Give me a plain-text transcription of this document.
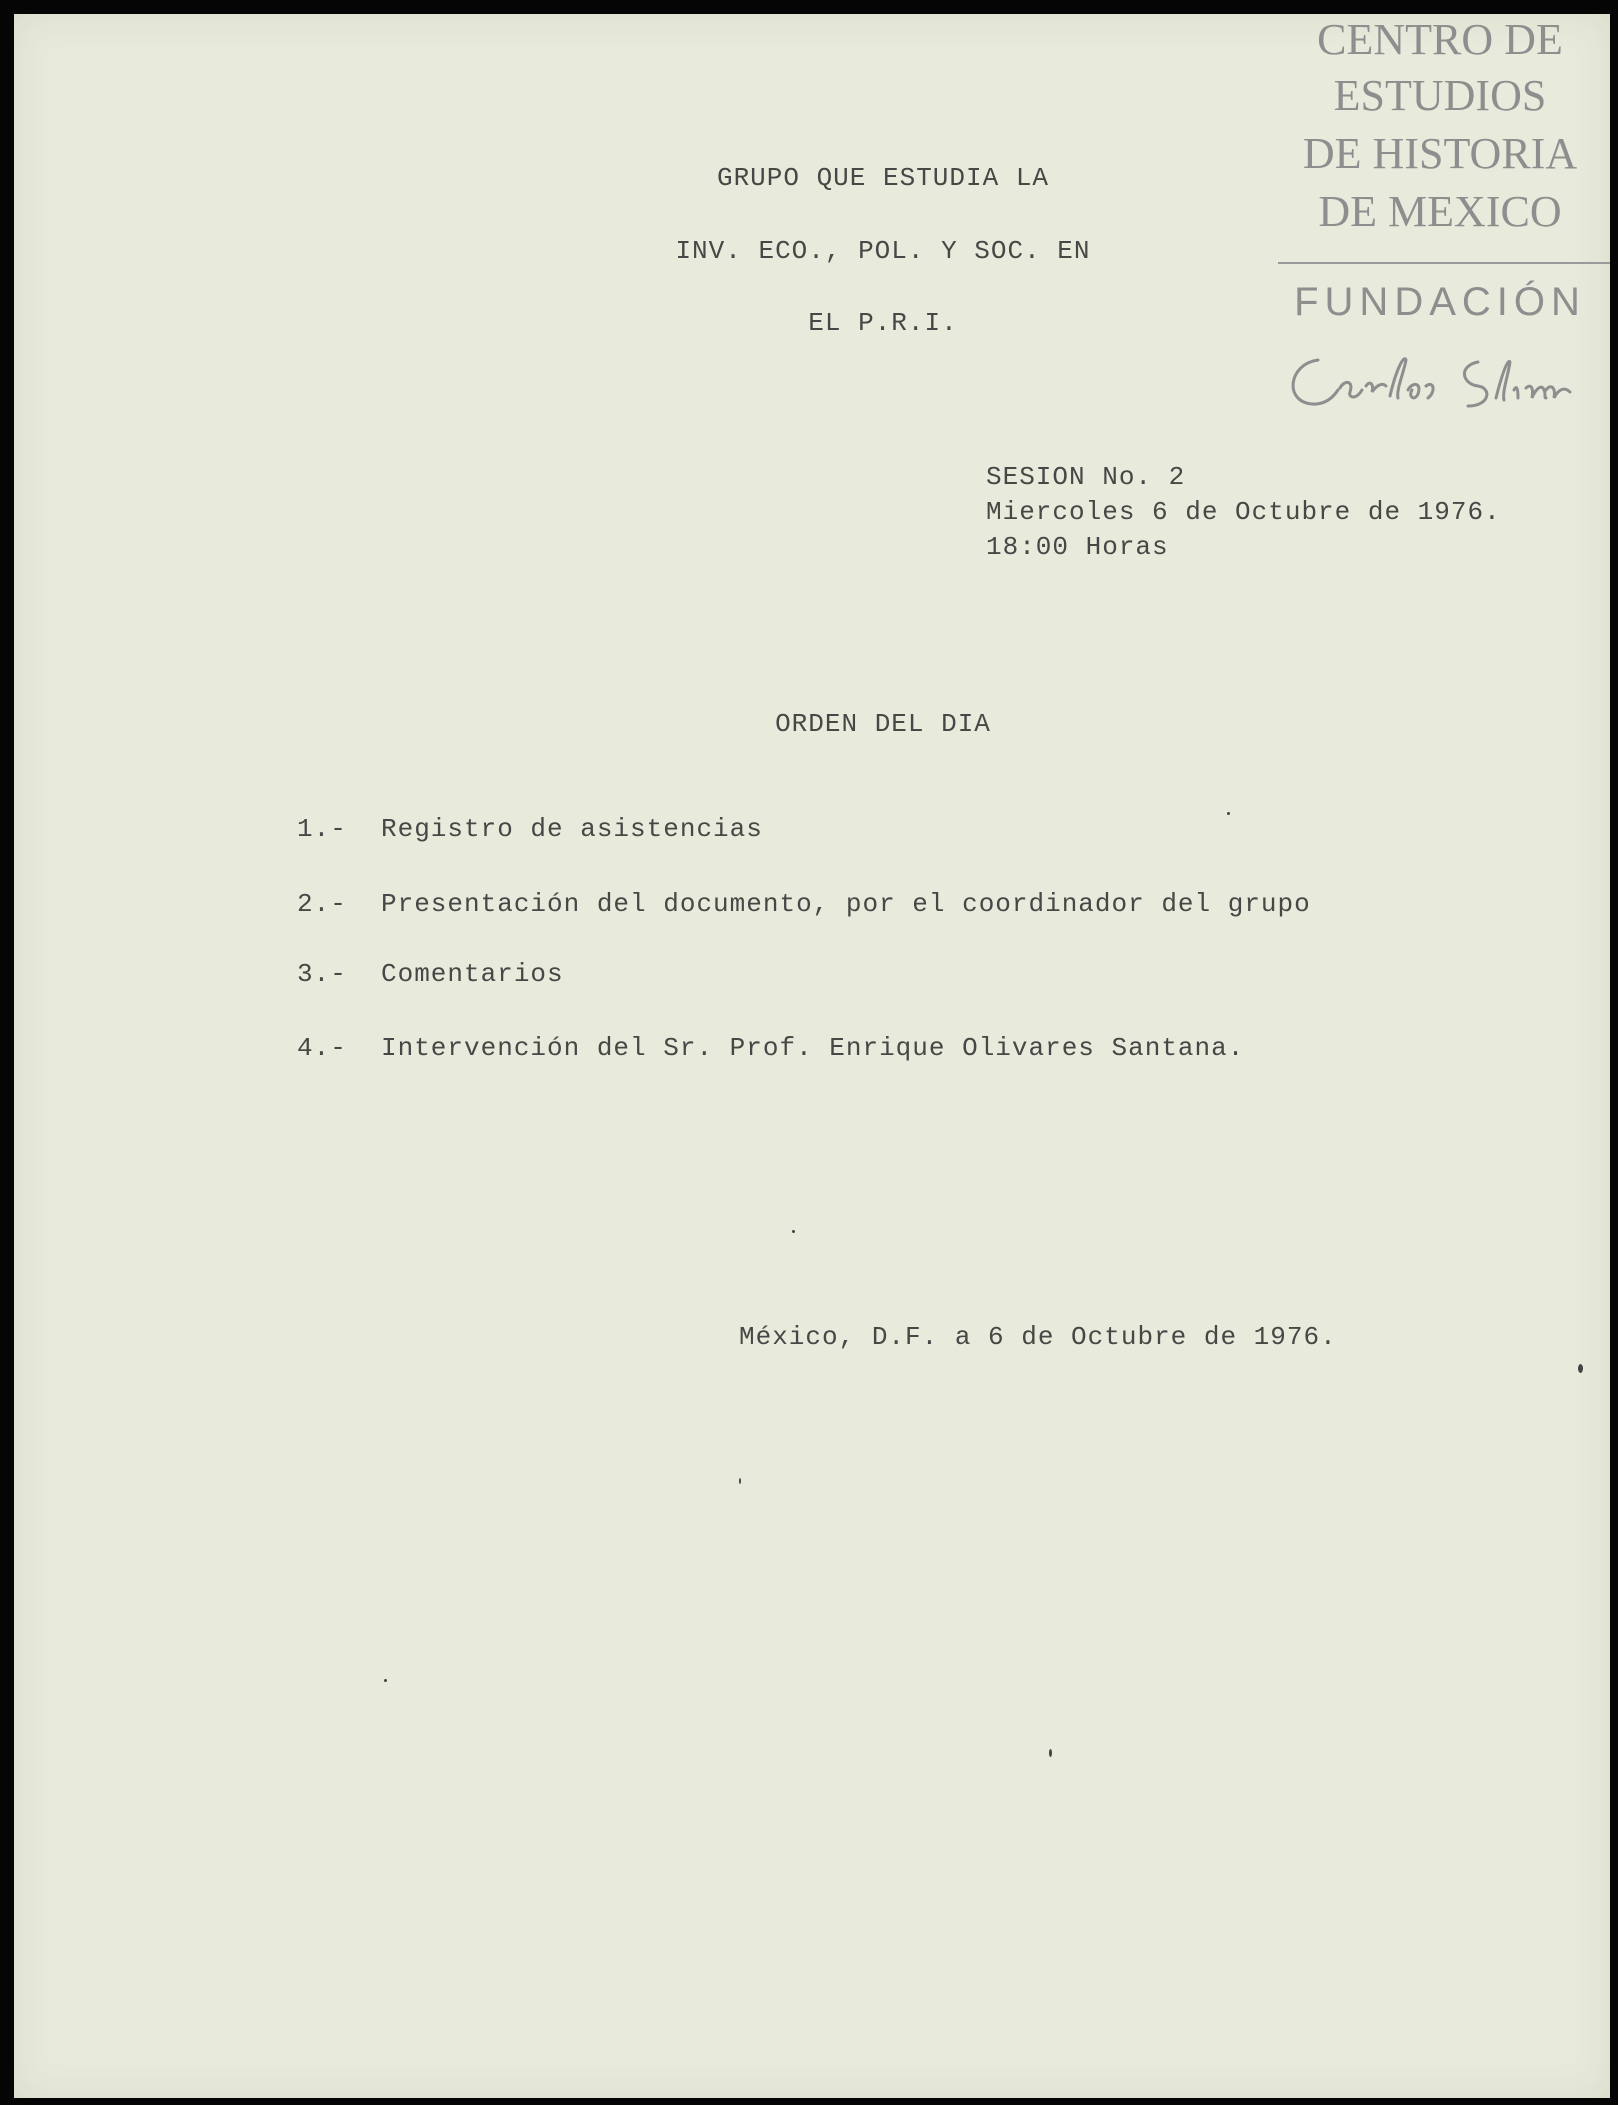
CENTRO DE
ESTUDIOS
DE HISTORIA
DE MEXICO
FUNDACIÓN
GRUPO QUE ESTUDIA LA
INV. ECO., POL. Y SOC. EN
EL P.R.I.
SESION No. 2
Miercoles 6 de Octubre de 1976.
18:00 Horas
ORDEN DEL DIA
1.- Registro de asistencias
2.- Presentación del documento, por el coordinador del grupo
3.- Comentarios
4.- Intervención del Sr. Prof. Enrique Olivares Santana.
México, D.F. a 6 de Octubre de 1976.
